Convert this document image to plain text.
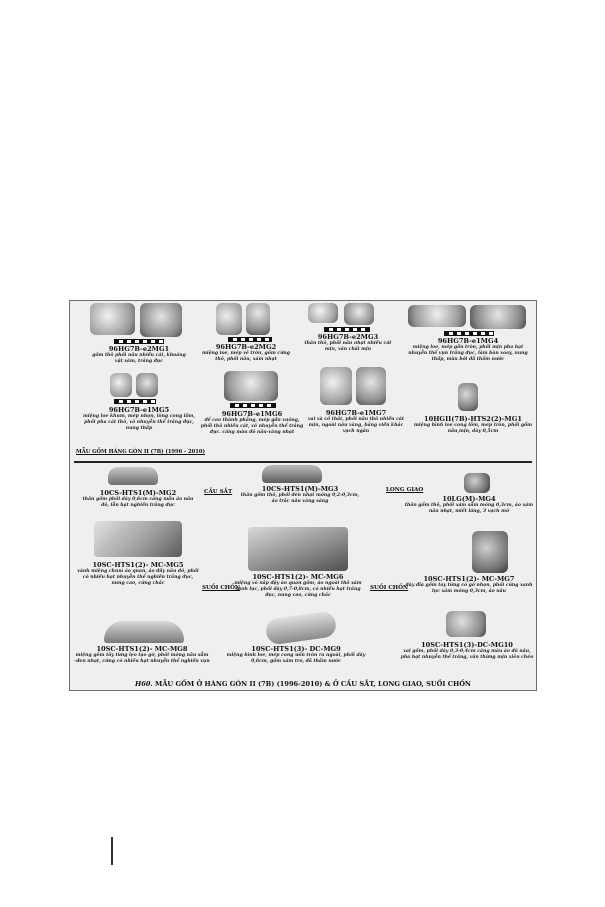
96HG7B-e2MG1
gốm thô phối nâu nhiều cát, khoáng vật xám, trắng đục
96HG7B-e2MG2
miệng loe, mép vê tròn, gốm cứng thô, phối nâu, xám nhạt
96HG7B-e2MG3
thân thô, phối nâu nhạt nhiều cát mịn, văn chải mịn
96HG7B-e1MG4
miệng loe, mép gần tròn, phối mịn pha hạt nhuyễn thể vụn trắng đục, làm bàn xoay, nung thấp, màu bởi đã thẩm nước
96HG7B-e1MG5
miệng loe khum, mép nhọn, lòng cong lõm, phối pha cát thô, vỏ nhuyễn thể trắng đục, nung thấp
96HG7B-e1MG6
đế cao thành phẳng, mép gần vuông, phối thô nhiều cát, vỏ nhuyễn thể trắng đục. cảng màu đỏ nâu-vàng nhạt
96HG7B-e1MG7
vai và cổ thắt, phối nâu thô nhiều cát mịn, ngoài nâu vàng, bằng viền khắc vạch ngắn
10HGII(7B)-HTS2(2)-MG1
miệng bình loe cong lõm, mép tròn, phối gốm nâu,mịn, dày 0,5cm
MẪU GỐM HÀNG GÒN II (7B) (1996 - 2010)
CẦU SẮT	LONG GIAO
SUỐI CHỒN	SUỐI CHỒN
10CS-HTS1(M)-MG2
thân gốm phối dày 0,6cm cảng mẫu áo nâu đỏ, lẫn hạt nghiền trắng đục
10CS-HTS1(M)-MG3
thân gốm thô, phối đen nhạt mỏng 0,2-0,3cm, áo trắc nâu vàng sáng	10LG(M)-MG4
thân gốm thô, phối xám sẫm mỏng 0,3cm, áo xám nâu nhạt, miết láng, 3 vạch mờ
10SC-HTS1(2)- MC-MG5
vành miệng chum áo quan, áo đầy nâu đỏ, phối có nhiều hạt nhuyễn thể nghiền trắng đục, nung cao, cứng chắc
10SC-HTS1(2)- MC-MG6
miệng vò nắp đậy áo quan gốm, áo ngoài thô xám xanh lục, phối dày 0,7-0,8cm, có nhiều hạt trắng đục, nung cao, cứng chắc
10SC-HTS1(2)- MC-MG7
đáy đĩa gốm tay từng có gờ nhọn, phối cứng xanh lục xám mỏng 0,3cm, áo nâu
10SC-HTS1(2)- MC-MG8
miệng gốm tây từng lẹo tạo gờ, phối mỏng nâu sẫm -đen nhạt, cứng có nhiều hạt nhuyễn thể nghiền vụn
10SC-HTS1(3)- DC-MG9
miệng bình loe, mép cong uốn tròn ra ngoài, phối dày 0,6cm, gốm xám tro, đã thẩm nước
10SC-HTS1(3)-DC-MG10
vai gốm, phối dày 0,3-0,4cm cảng màu áo đỏ nâu, pha hạt nhuyễn thể trắng, văn thừng mịn xiên chéo
H60. MẪU GỐM Ở HÀNG GÒN II (7B) (1996-2010) & Ở CẦU SẮT, LONG GIAO, SUỐI CHỒN
